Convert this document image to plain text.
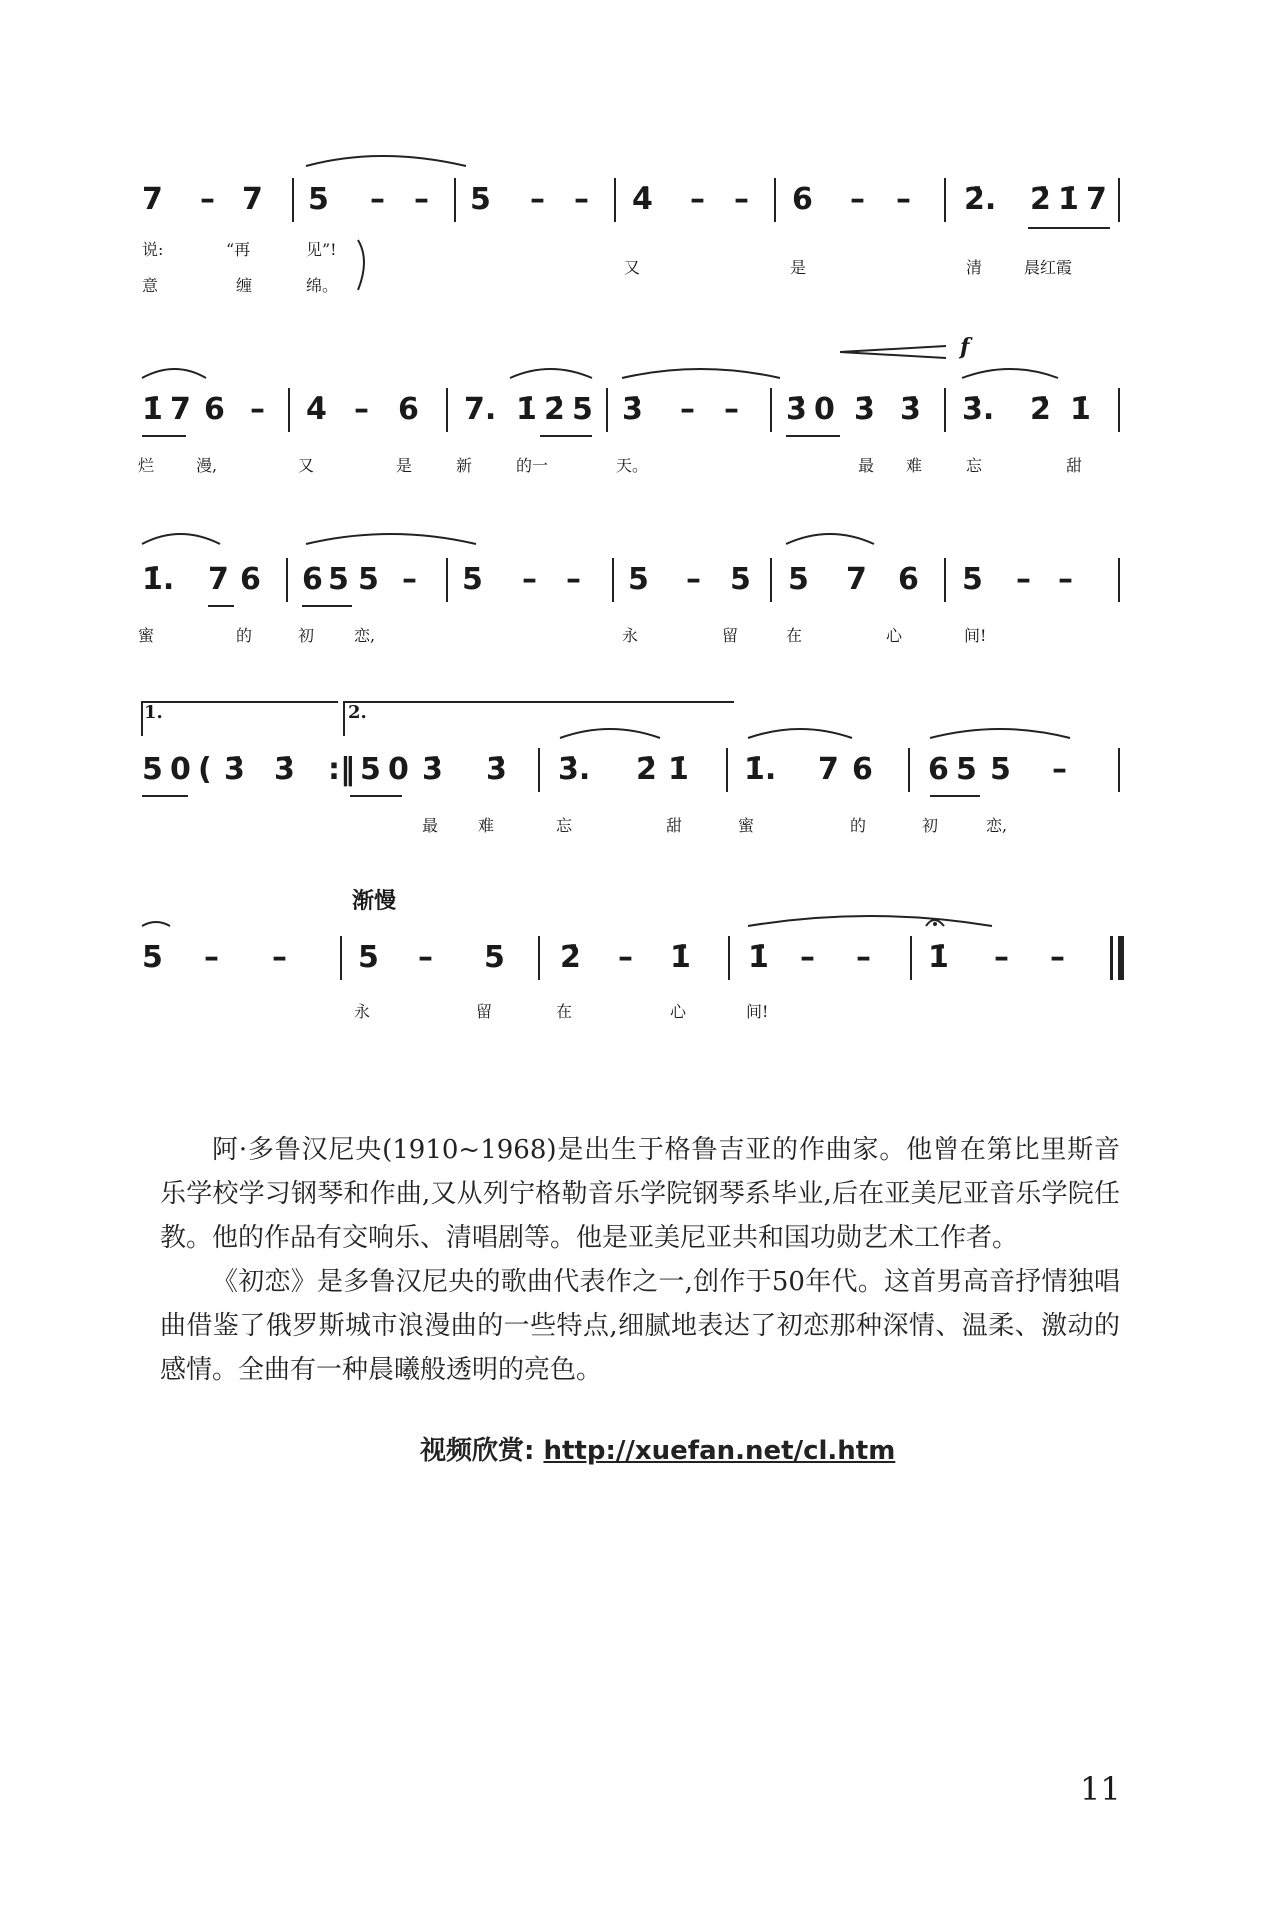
7 – 7 5 – – 5 – – 4̇ – – 6 – – 2̇. 2̇ 1̇ 7
说:	“再	见”!
意	缠	绵。
又	是	清	晨红霞
f
1̇ 7 6 – 4̇ – 6 7. 1̇ 2̇ 5 3̇ – – 3̇ 0 3̇ 3̇ 3̇. 2̇ 1̇
烂	漫,	又	是	新	的一	天。	最 难	忘	甜
1̇. 7 6 6 5 5 – 5 – – 5 – 5 5 7 6 5 – –
蜜	的	初 恋,	永	留	在	心	间!
1.	2.
5 0 ( 3̇ 3̇ :‖ 5 0 3̇ 3̇ 3̇. 2̇ 1̇ 1̇. 7 6 6 5 5 –
最 难	忘	甜	蜜	的	初	恋,
渐慢
5 – – 5 – 5 2̇ – 1̇ 1̇ – – 1̇ – –
永	留	在	心	间!

阿·多鲁汉尼央(1910~1968)是出生于格鲁吉亚的作曲家。他曾在第比里斯音乐学校学习钢琴和作曲,又从列宁格勒音乐学院钢琴系毕业,后在亚美尼亚音乐学院任教。他的作品有交响乐、清唱剧等。他是亚美尼亚共和国功勋艺术工作者。

《初恋》是多鲁汉尼央的歌曲代表作之一,创作于50年代。这首男高音抒情独唱曲借鉴了俄罗斯城市浪漫曲的一些特点,细腻地表达了初恋那种深情、温柔、激动的感情。全曲有一种晨曦般透明的亮色。

视频欣赏: http://xuefan.net/cl.htm
11
